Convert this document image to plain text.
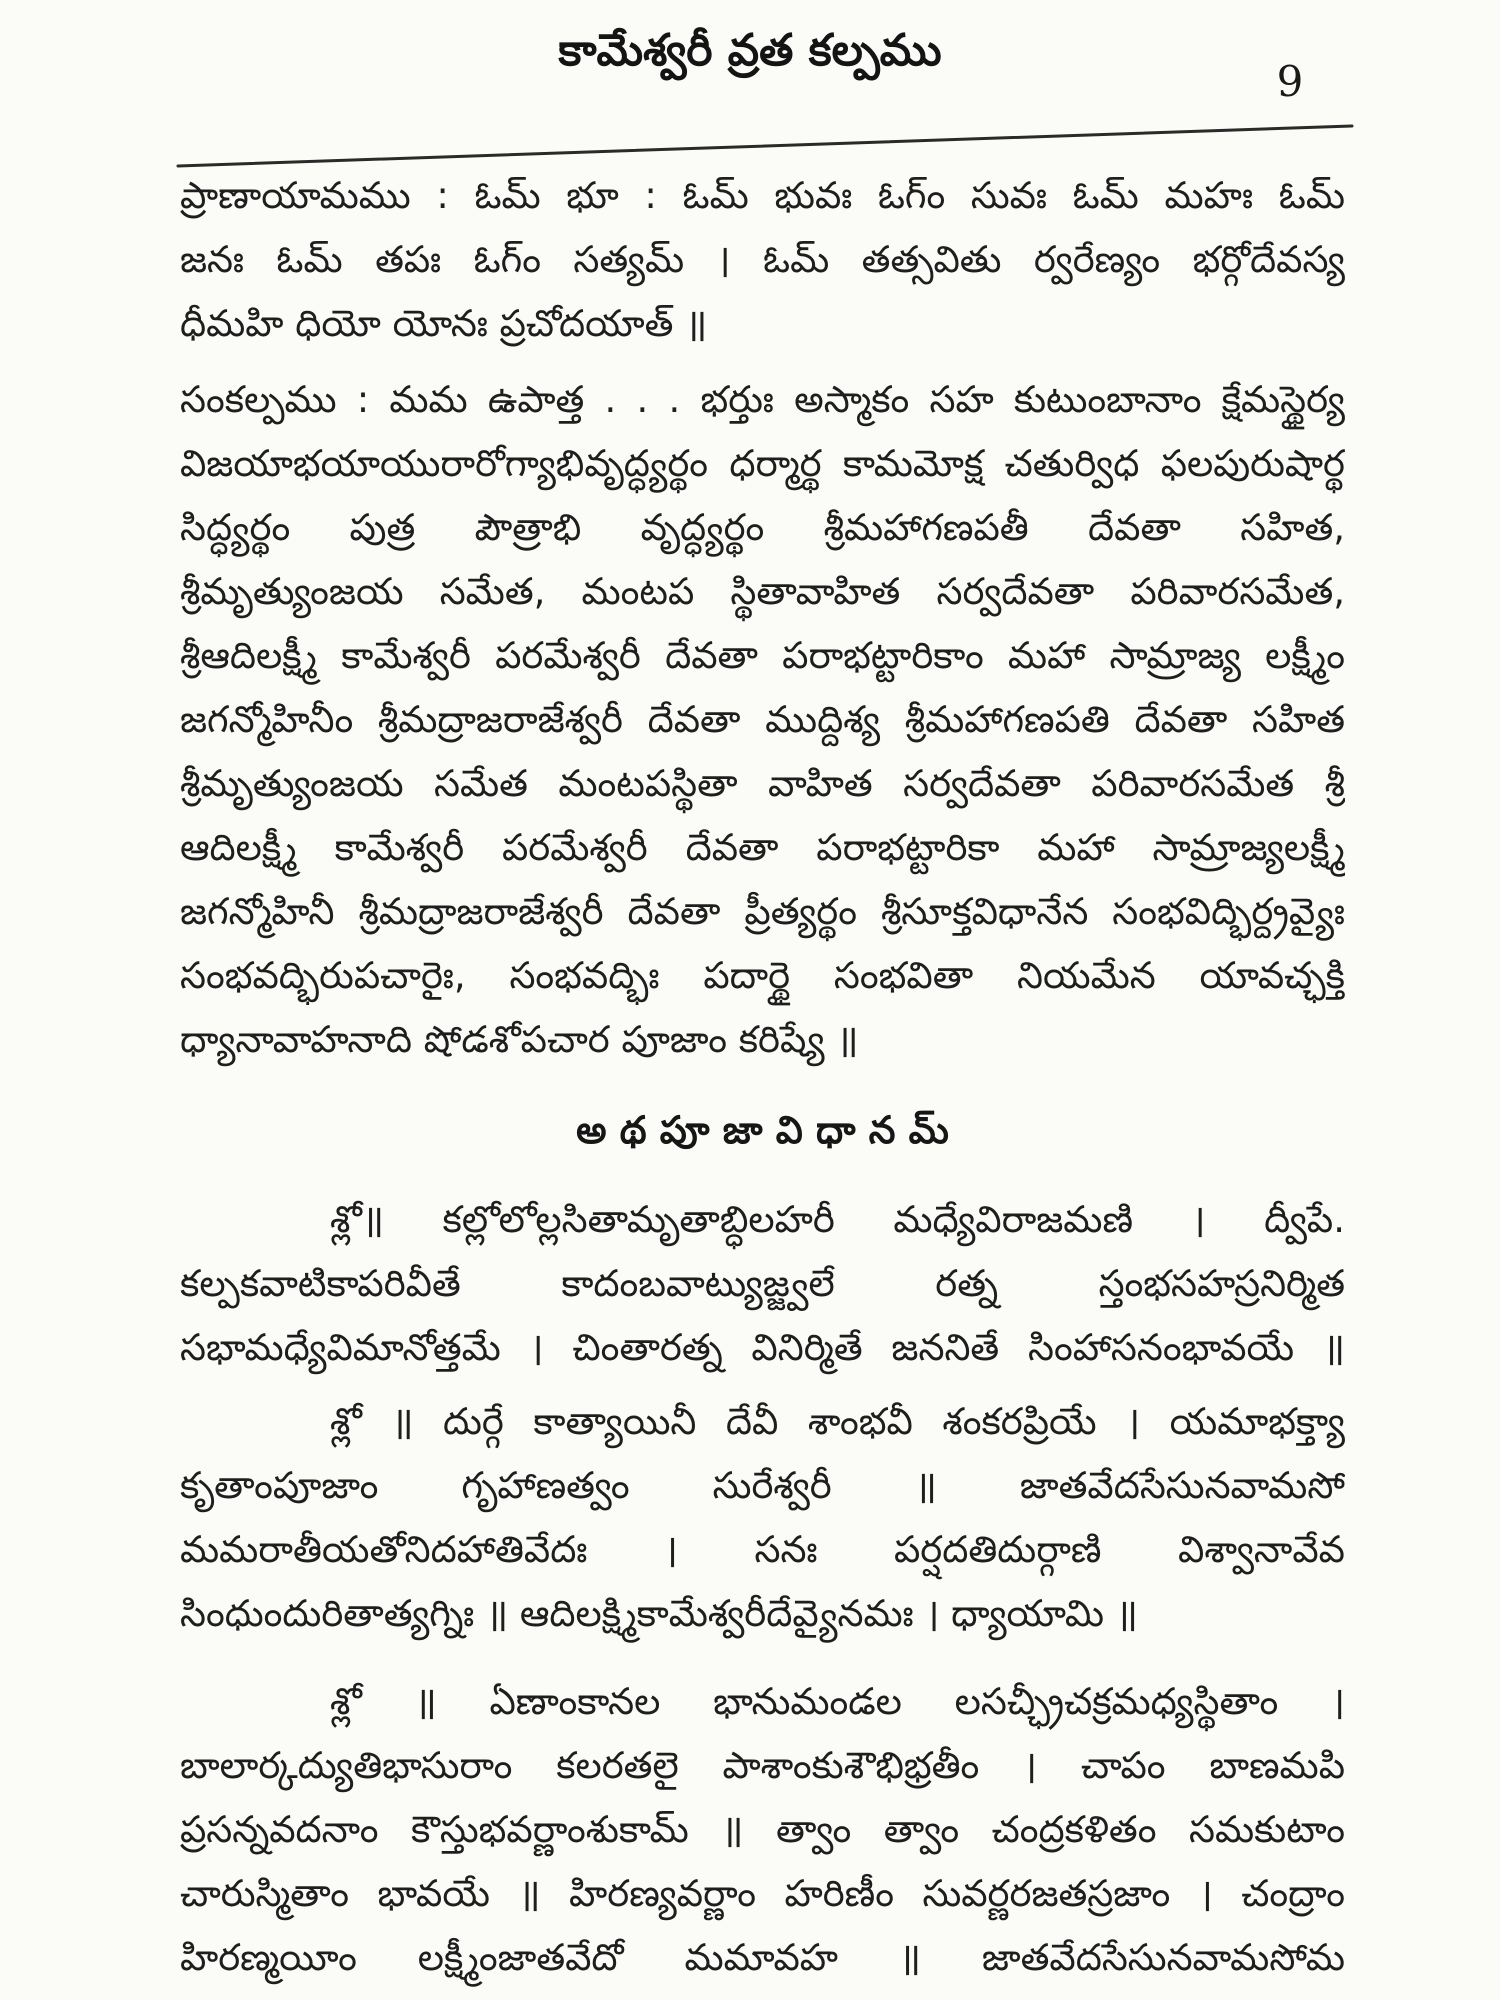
కామేశ్వరీ వ్రత కల్పము
9
ప్రాణాయామము : ఓమ్ భూ : ఓమ్ భువః ఓగ్ం సువః ఓమ్ మహః ఓమ్
జనః ఓమ్ తపః ఓగ్ం సత్యమ్ । ఓమ్ తత్సవితు ర్వరేణ్యం భర్గోదేవస్య
ధీమహి ధియో యోనః ప్రచోదయాత్ ॥
సంకల్పము : మమ ఉపాత్త . . . భర్తుః అస్మాకం సహ కుటుంబానాం క్షేమస్థైర్య
విజయాభయాయురారోగ్యాభివృద్ధ్యర్థం ధర్మార్థ కామమోక్ష చతుర్విధ ఫలపురుషార్థ
సిద్ధ్యర్థం పుత్ర పౌత్రాభి వృద్ధ్యర్థం శ్రీమహాగణపతీ దేవతా సహిత,
శ్రీమృత్యుంజయ సమేత, మంటప స్థితావాహిత సర్వదేవతా పరివారసమేత,
శ్రీఆదిలక్ష్మీ కామేశ్వరీ పరమేశ్వరీ దేవతా పరాభట్టారికాం మహా సామ్రాజ్య లక్ష్మీం
జగన్మోహినీం శ్రీమద్రాజరాజేశ్వరీ దేవతా ముద్దిశ్య శ్రీమహాగణపతి దేవతా సహిత
శ్రీమృత్యుంజయ సమేత మంటపస్థితా వాహిత సర్వదేవతా పరివారసమేత శ్రీ
ఆదిలక్ష్మీ కామేశ్వరీ పరమేశ్వరీ దేవతా పరాభట్టారికా మహా సామ్రాజ్యలక్ష్మీ
జగన్మోహినీ శ్రీమద్రాజరాజేశ్వరీ దేవతా ప్రీత్యర్థం శ్రీసూక్తవిధానేన సంభవిద్భిర్ద్రవ్యైః
సంభవద్భిరుపచారైః, సంభవద్భిః పదార్థై సంభవితా నియమేన యావచ్ఛక్తి
ధ్యానావాహనాది షోడశోపచార పూజాం కరిష్యే ॥
అ థ పూ జా వి ధా న మ్
శ్లో॥ కల్లోలోల్లసితామృతాబ్ధిలహరీ మధ్యేవిరాజమణి । ద్వీపే.
కల్పకవాటికాపరివీతే కాదంబవాట్యుజ్జ్వలే రత్న స్తంభసహస్రనిర్మిత
సభామధ్యేవిమానోత్తమే । చింతారత్న వినిర్మితే జననితే సింహాసనంభావయే ॥
శ్లో ॥ దుర్గే కాత్యాయినీ దేవీ శాంభవీ శంకరప్రియే । యమాభక్త్యా
కృతాంపూజాం గృహాణత్వం సురేశ్వరీ ॥ జాతవేదసేసునవామసో
మమరాతీయతోనిదహాతివేదః । సనః పర్షదతిదుర్గాణి విశ్వానావేవ
సింధుందురితాత్యగ్నిః ॥ ఆదిలక్ష్మికామేశ్వరీదేవ్యైనమః । ధ్యాయామి ॥
శ్లో ॥ ఏణాంకానల భానుమండల లసచ్ఛ్రీచక్రమధ్యస్థితాం ।
బాలార్కద్యుతిభాసురాం కలరతలై పాశాంకుశౌభిభ్రతీం । చాపం బాణమపి
ప్రసన్నవదనాం కౌస్తుభవర్ణాంశుకామ్ ॥ త్వాం త్వాం చంద్రకళితం సమకుటాం
చారుస్మితాం భావయే ॥ హిరణ్యవర్ణాం హరిణీం సువర్ణరజతస్రజాం । చంద్రాం
హిరణ్మయీం లక్ష్మీంజాతవేదో మమావహ ॥ జాతవేదసేసునవామసోమ
